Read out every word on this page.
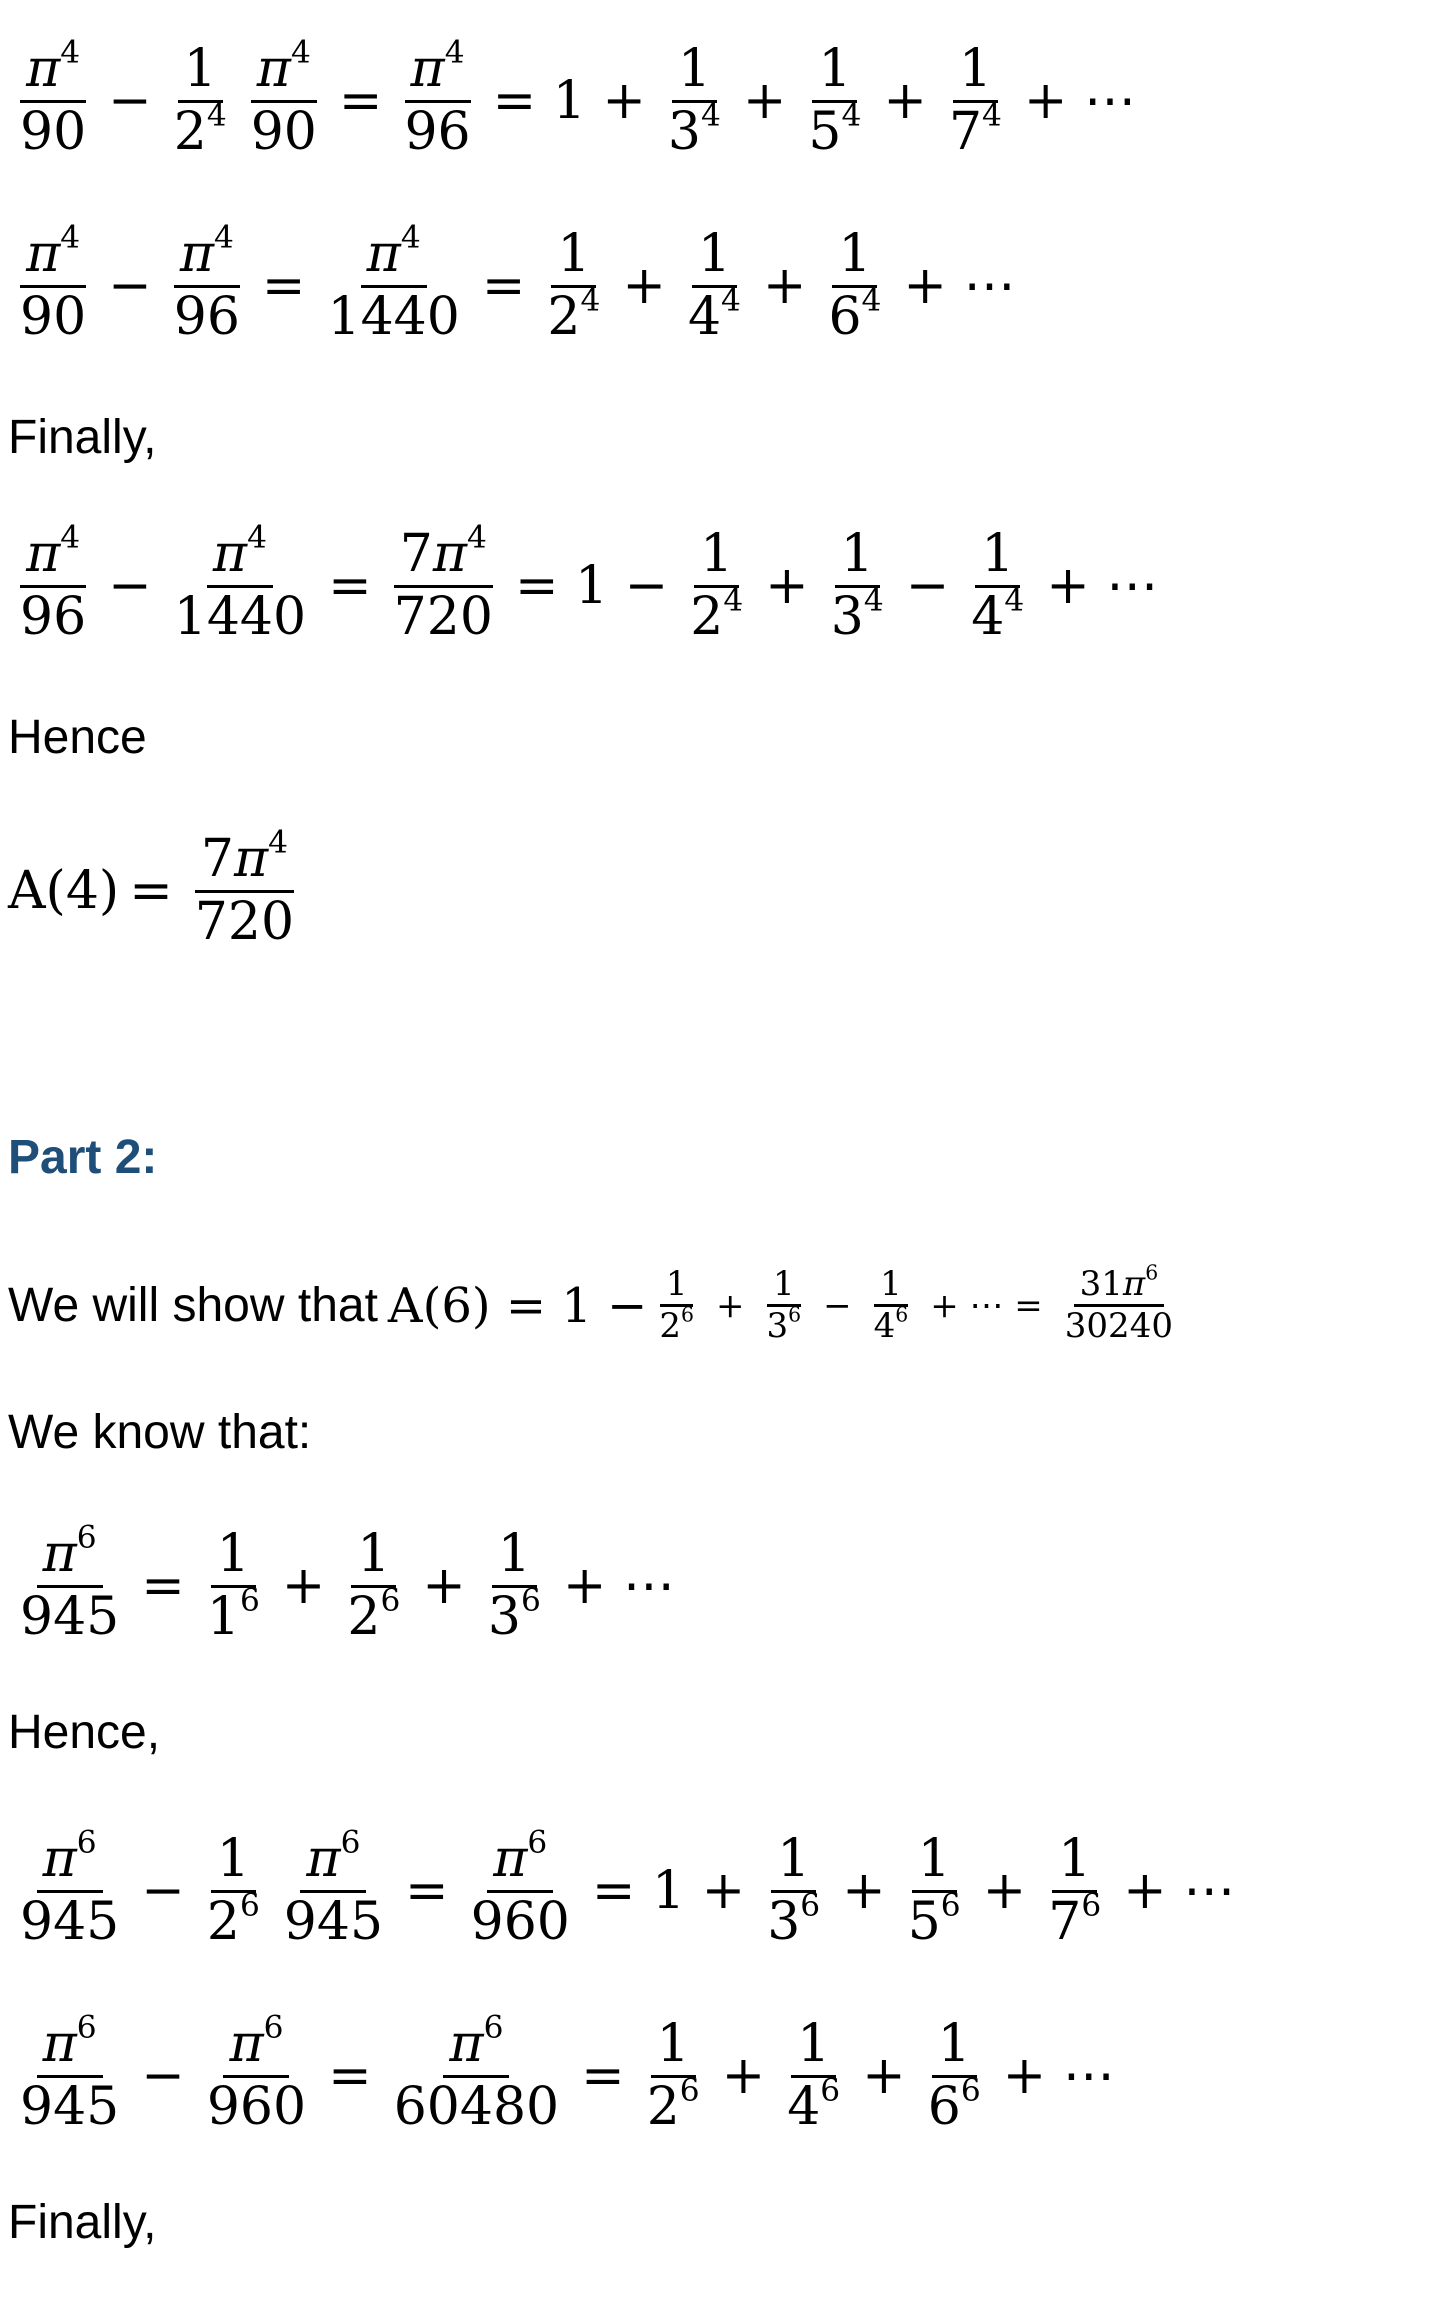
$\frac{\pi^4}{90} - \frac{1}{2^4} \frac{\pi^4}{90} = \frac{\pi^4}{96} = 1 + \frac{1}{3^4} + \frac{1}{5^4} + \frac{1}{7^4}$ + ⋯
$\frac{\pi^4}{90} - \frac{\pi^4}{96} = \frac{\pi^4}{1440} = \frac{1}{2^4} + \frac{1}{4^4} + \frac{1}{6^4}$ + ⋯
Finally,
$\frac{\pi^4}{96} - \frac{\pi^4}{1440} = \frac{7\pi^4}{720} = 1 - \frac{1}{2^4} + \frac{1}{3^4} - \frac{1}{4^4}$ + ⋯
Hence
$A(4) = \frac{7\pi^4}{720}$
Part 2:
We will show that $A(6) = 1 - \frac{1}{2^6} + \frac{1}{3^6} - \frac{1}{4^6}$ + ⋯ = $\frac{31\pi^6}{30240}$
We know that:
$\frac{\pi^6}{945} = \frac{1}{1^6} + \frac{1}{2^6} + \frac{1}{3^6}$ + ⋯
Hence,
$\frac{\pi^6}{945} - \frac{1}{2^6} \frac{\pi^6}{945} = \frac{\pi^6}{960} = 1 + \frac{1}{3^6} + \frac{1}{5^6} + \frac{1}{7^6}$ + ⋯
$\frac{\pi^6}{945} - \frac{\pi^6}{960} = \frac{\pi^6}{60480} = \frac{1}{2^6} + \frac{1}{4^6} + \frac{1}{6^6}$ + ⋯
Finally,
